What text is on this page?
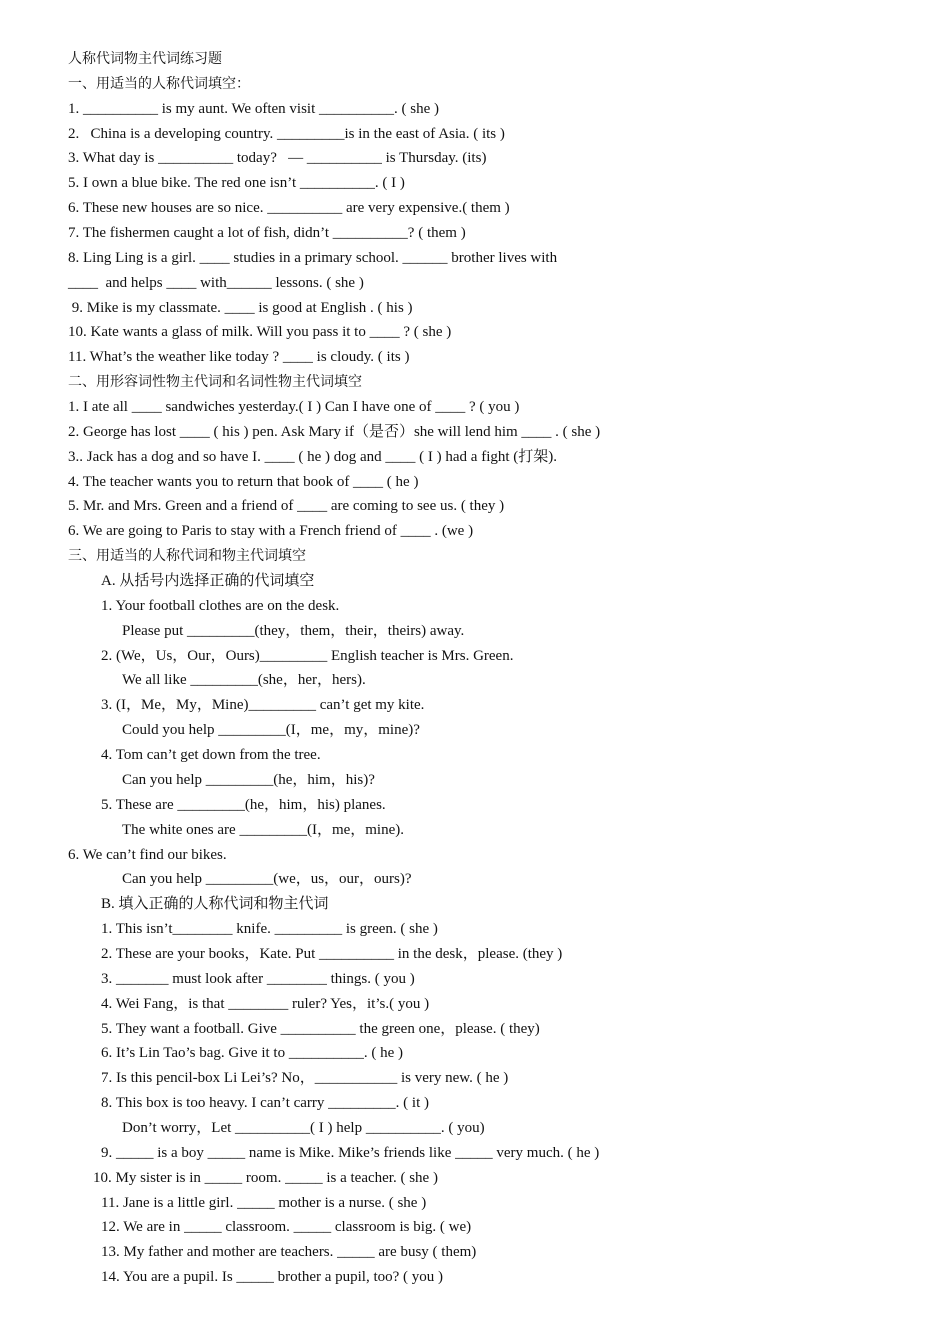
人称代词物主代词练习题
一、用适当的人称代词填空：
1. __________ is my aunt. We often visit __________. ( she )
2.   China is a developing country. _________is in the east of Asia. ( its )
3. What day is __________ today?   — __________ is Thursday. (its)
5. I own a blue bike. The red one isn’t __________. ( I )
6. These new houses are so nice. __________ are very expensive.( them )
7. The fishermen caught a lot of fish, didn’t __________? ( them )
8. Ling Ling is a girl. ____ studies in a primary school. ______ brother lives with
____  and helps ____ with______ lessons. ( she )
9. Mike is my classmate. ____ is good at English . ( his )
10. Kate wants a glass of milk. Will you pass it to ____ ? ( she )
11. What’s the weather like today ? ____ is cloudy. ( its )
二、用形容词性物主代词和名词性物主代词填空
1. I ate all ____ sandwiches yesterday.( I ) Can I have one of ____ ? ( you )
2. George has lost ____ ( his ) pen. Ask Mary if（是否）she will lend him ____ . ( she )
3.. Jack has a dog and so have I. ____ ( he ) dog and ____ ( I ) had a fight (打架).
4. The teacher wants you to return that book of ____ ( he )
5. Mr. and Mrs. Green and a friend of ____ are coming to see us. ( they )
6. We are going to Paris to stay with a French friend of ____ . (we )
三、用适当的人称代词和物主代词填空
A. 从括号内选择正确的代词填空
1. Your football clothes are on the desk.
Please put _________(they，them，their，theirs) away.
2. (We，Us，Our，Ours)_________ English teacher is Mrs. Green.
We all like _________(she，her，hers).
3. (I，Me，My，Mine)_________ can’t get my kite.
Could you help _________(I，me，my，mine)?
4. Tom can’t get down from the tree.
Can you help _________(he，him，his)?
5. These are _________(he，him，his) planes.
The white ones are _________(I，me，mine).
6. We can’t find our bikes.
Can you help _________(we，us，our，ours)?
B. 填入正确的人称代词和物主代词
1. This isn’t________ knife. _________ is green. ( she )
2. These are your books，Kate. Put __________ in the desk，please. (they )
3. _______ must look after ________ things. ( you )
4. Wei Fang，is that ________ ruler? Yes，it’s.( you )
5. They want a football. Give __________ the green one，please. ( they)
6. It’s Lin Tao’s bag. Give it to __________. ( he )
7. Is this pencil-box Li Lei’s? No，___________ is very new. ( he )
8. This box is too heavy. I can’t carry _________. ( it )
Don’t worry，Let __________( I ) help __________. ( you)
9. _____ is a boy _____ name is Mike. Mike’s friends like _____ very much. ( he )
10. My sister is in _____ room. _____ is a teacher. ( she )
11. Jane is a little girl. _____ mother is a nurse. ( she )
12. We are in _____ classroom. _____ classroom is big. ( we)
13. My father and mother are teachers. _____ are busy ( them)
14. You are a pupil. Is _____ brother a pupil, too? ( you )
